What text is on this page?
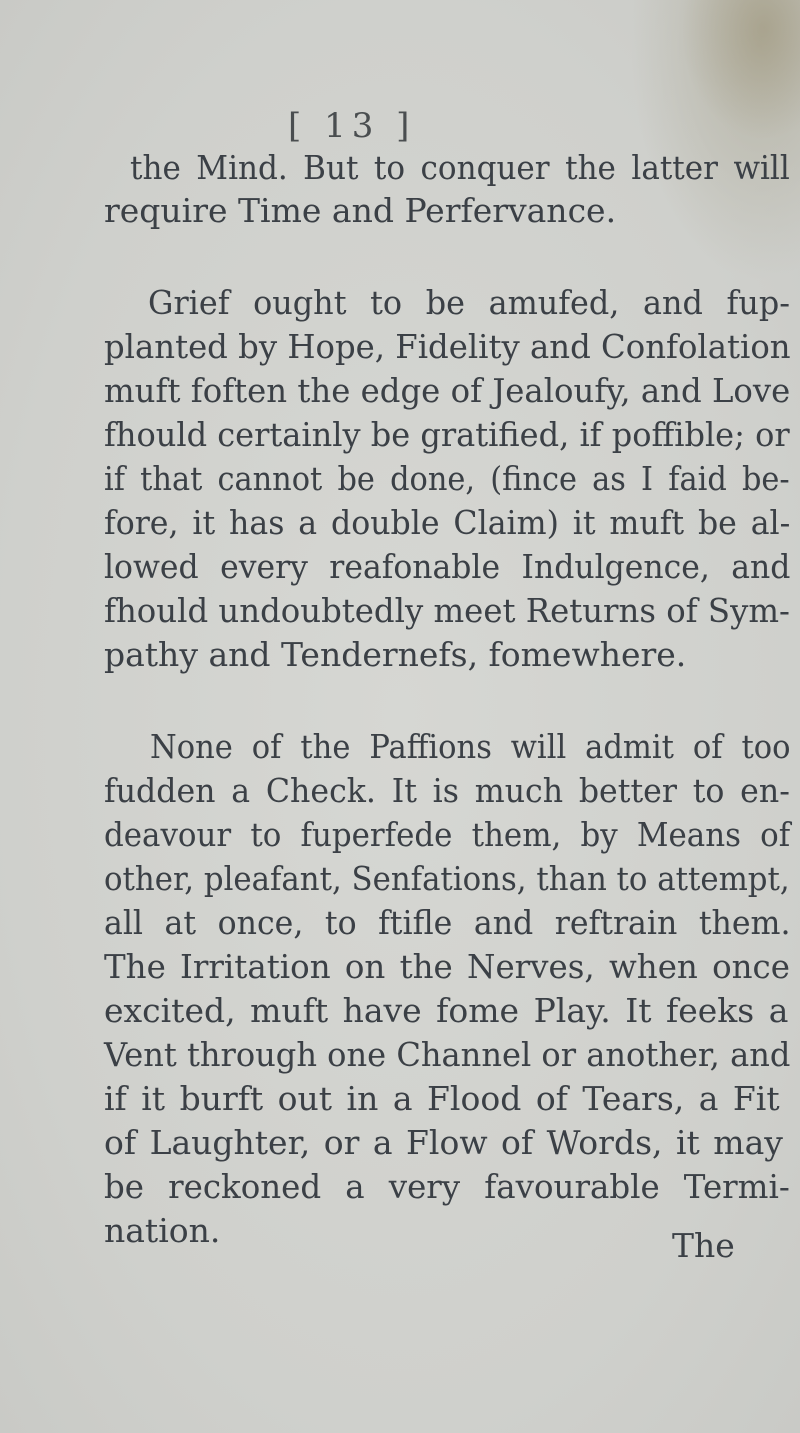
[ 13 ]
the Mind. But to conquer the latter will
require Time and Perfervance.
Grief ought to be amufed, and fup-
planted by Hope, Fidelity and Confolation
muft foften the edge of Jealoufy, and Love
fhould certainly be gratified, if poffible; or
if that cannot be done, (fince as I faid be-
fore, it has a double Claim) it muft be al-
lowed every reafonable Indulgence, and
fhould undoubtedly meet Returns of Sym-
pathy and Tendernefs, fomewhere.
None of the Paffions will admit of too
fudden a Check. It is much better to en-
deavour to fuperfede them, by Means of
other, pleafant, Senfations, than to attempt,
all at once, to ftifle and reftrain them.
The Irritation on the Nerves, when once
excited, muft have fome Play. It feeks a
Vent through one Channel or another, and
if it burft out in a Flood of Tears, a Fit
of Laughter, or a Flow of Words, it may
be reckoned a very favourable Termi-
nation.	The
